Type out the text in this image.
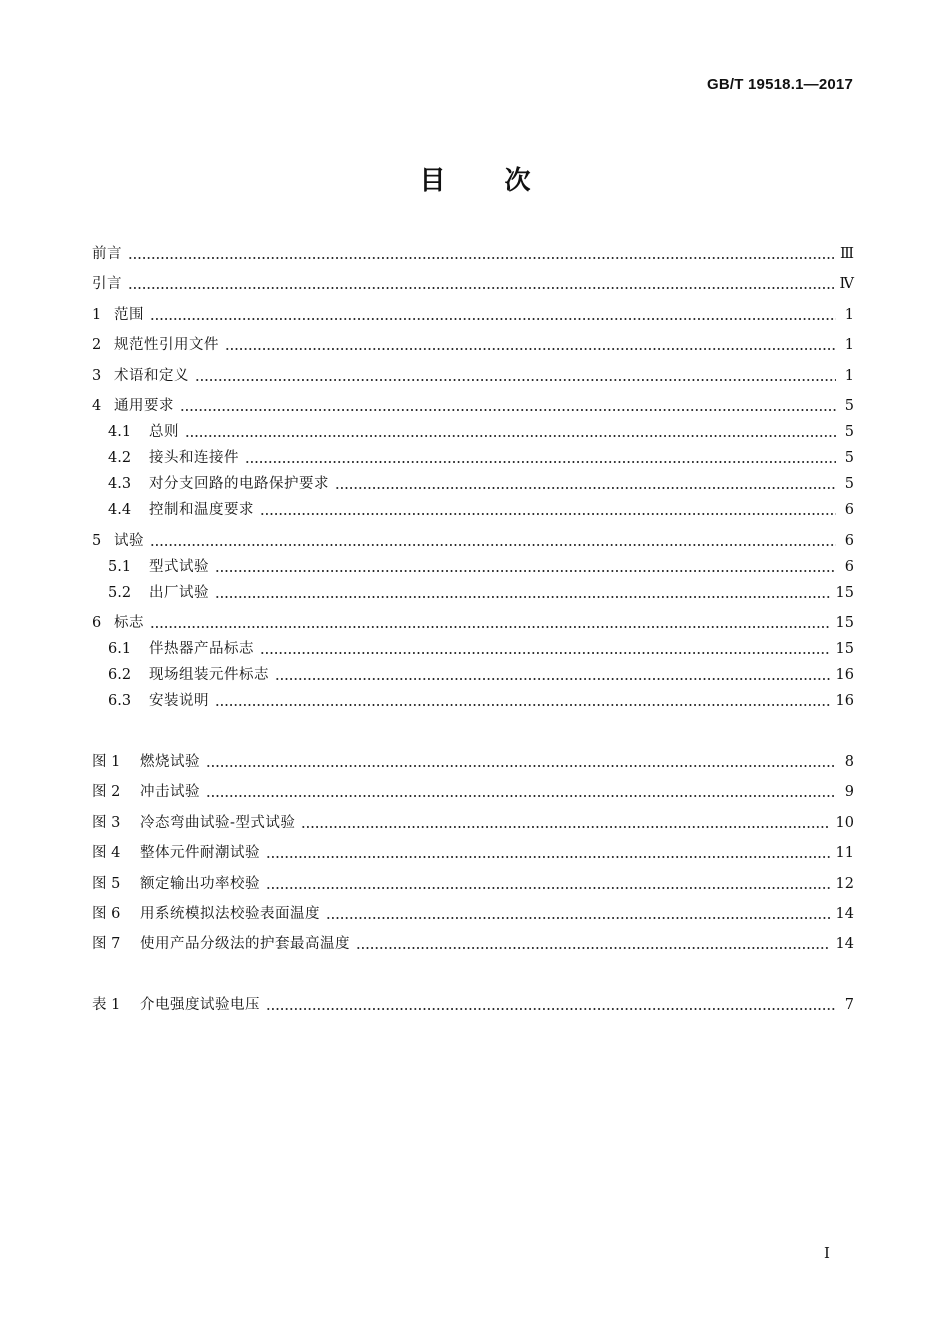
GB/T 19518.1—2017
目 次
前言	Ⅲ
引言	Ⅳ
1 范围	1
2 规范性引用文件	1
3 术语和定义	1
4 通用要求	5
4.1	总则	5
4.2	接头和连接件	5
4.3	对分支回路的电路保护要求	5
4.4	控制和温度要求	6
5 试验	6
5.1	型式试验	6
5.2	出厂试验	15
6 标志	15
6.1	伴热器产品标志	15
6.2	现场组装元件标志	16
6.3	安装说明	16
图 1	燃烧试验	8
图 2	冲击试验	9
图 3	冷态弯曲试验-型式试验	10
图 4	整体元件耐潮试验	11
图 5	额定输出功率校验	12
图 6	用系统模拟法校验表面温度	14
图 7	使用产品分级法的护套最高温度	14
表 1	介电强度试验电压	7
I
